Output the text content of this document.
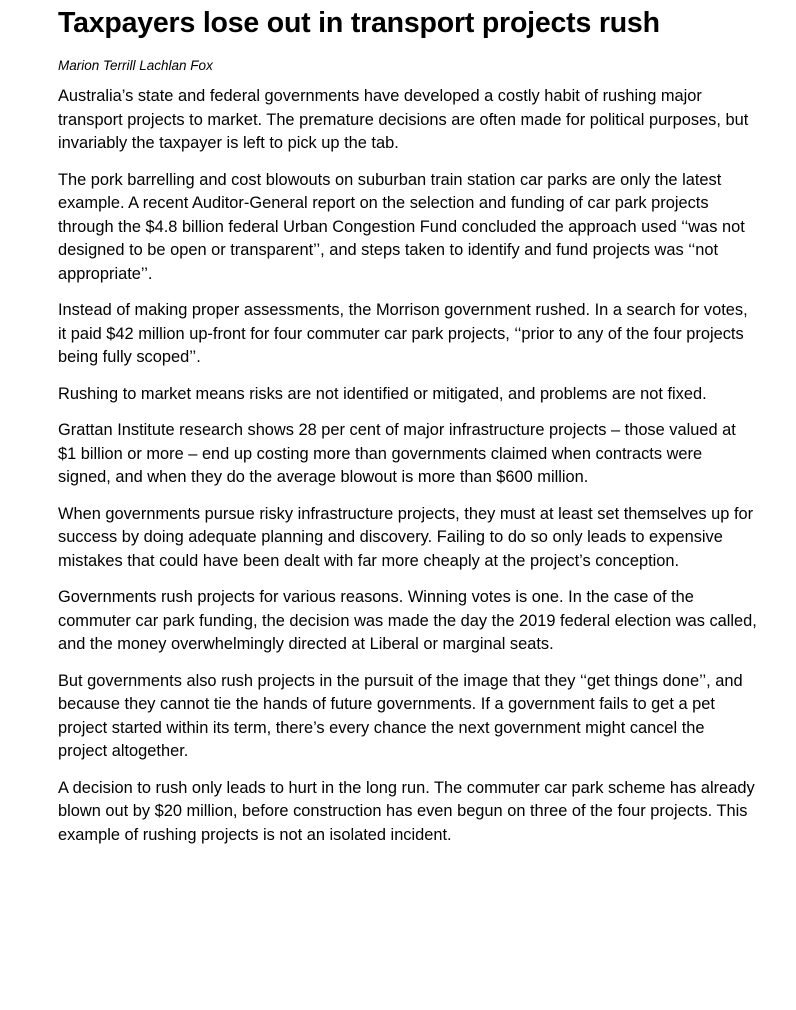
Taxpayers lose out in transport projects rush
Marion Terrill Lachlan Fox

Australia’s state and federal governments have developed a costly habit of rushing major transport projects to market. The premature decisions are often made for political purposes, but invariably the taxpayer is left to pick up the tab.

The pork barrelling and cost blowouts on suburban train station car parks are only the latest example. A recent Auditor-General report on the selection and funding of car park projects through the $4.8 billion federal Urban Congestion Fund concluded the approach used ‘‘was not designed to be open or transparent’’, and steps taken to identify and fund projects was ‘‘not appropriate’’.

Instead of making proper assessments, the Morrison government rushed. In a search for votes, it paid $42 million up-front for four commuter car park projects, ‘‘prior to any of the four projects being fully scoped’’.

Rushing to market means risks are not identified or mitigated, and problems are not fixed.

Grattan Institute research shows 28 per cent of major infrastructure projects – those valued at $1 billion or more – end up costing more than governments claimed when contracts were signed, and when they do the average blowout is more than $600 million.

When governments pursue risky infrastructure projects, they must at least set themselves up for success by doing adequate planning and discovery. Failing to do so only leads to expensive mistakes that could have been dealt with far more cheaply at the project’s conception.

Governments rush projects for various reasons. Winning votes is one. In the case of the commuter car park funding, the decision was made the day the 2019 federal election was called, and the money overwhelmingly directed at Liberal or marginal seats.

But governments also rush projects in the pursuit of the image that they ‘‘get things done’’, and because they cannot tie the hands of future governments. If a government fails to get a pet project started within its term, there’s every chance the next government might cancel the project altogether.

A decision to rush only leads to hurt in the long run. The commuter car park scheme has already blown out by $20 million, before construction has even begun on three of the four projects. This example of rushing projects is not an isolated incident.
